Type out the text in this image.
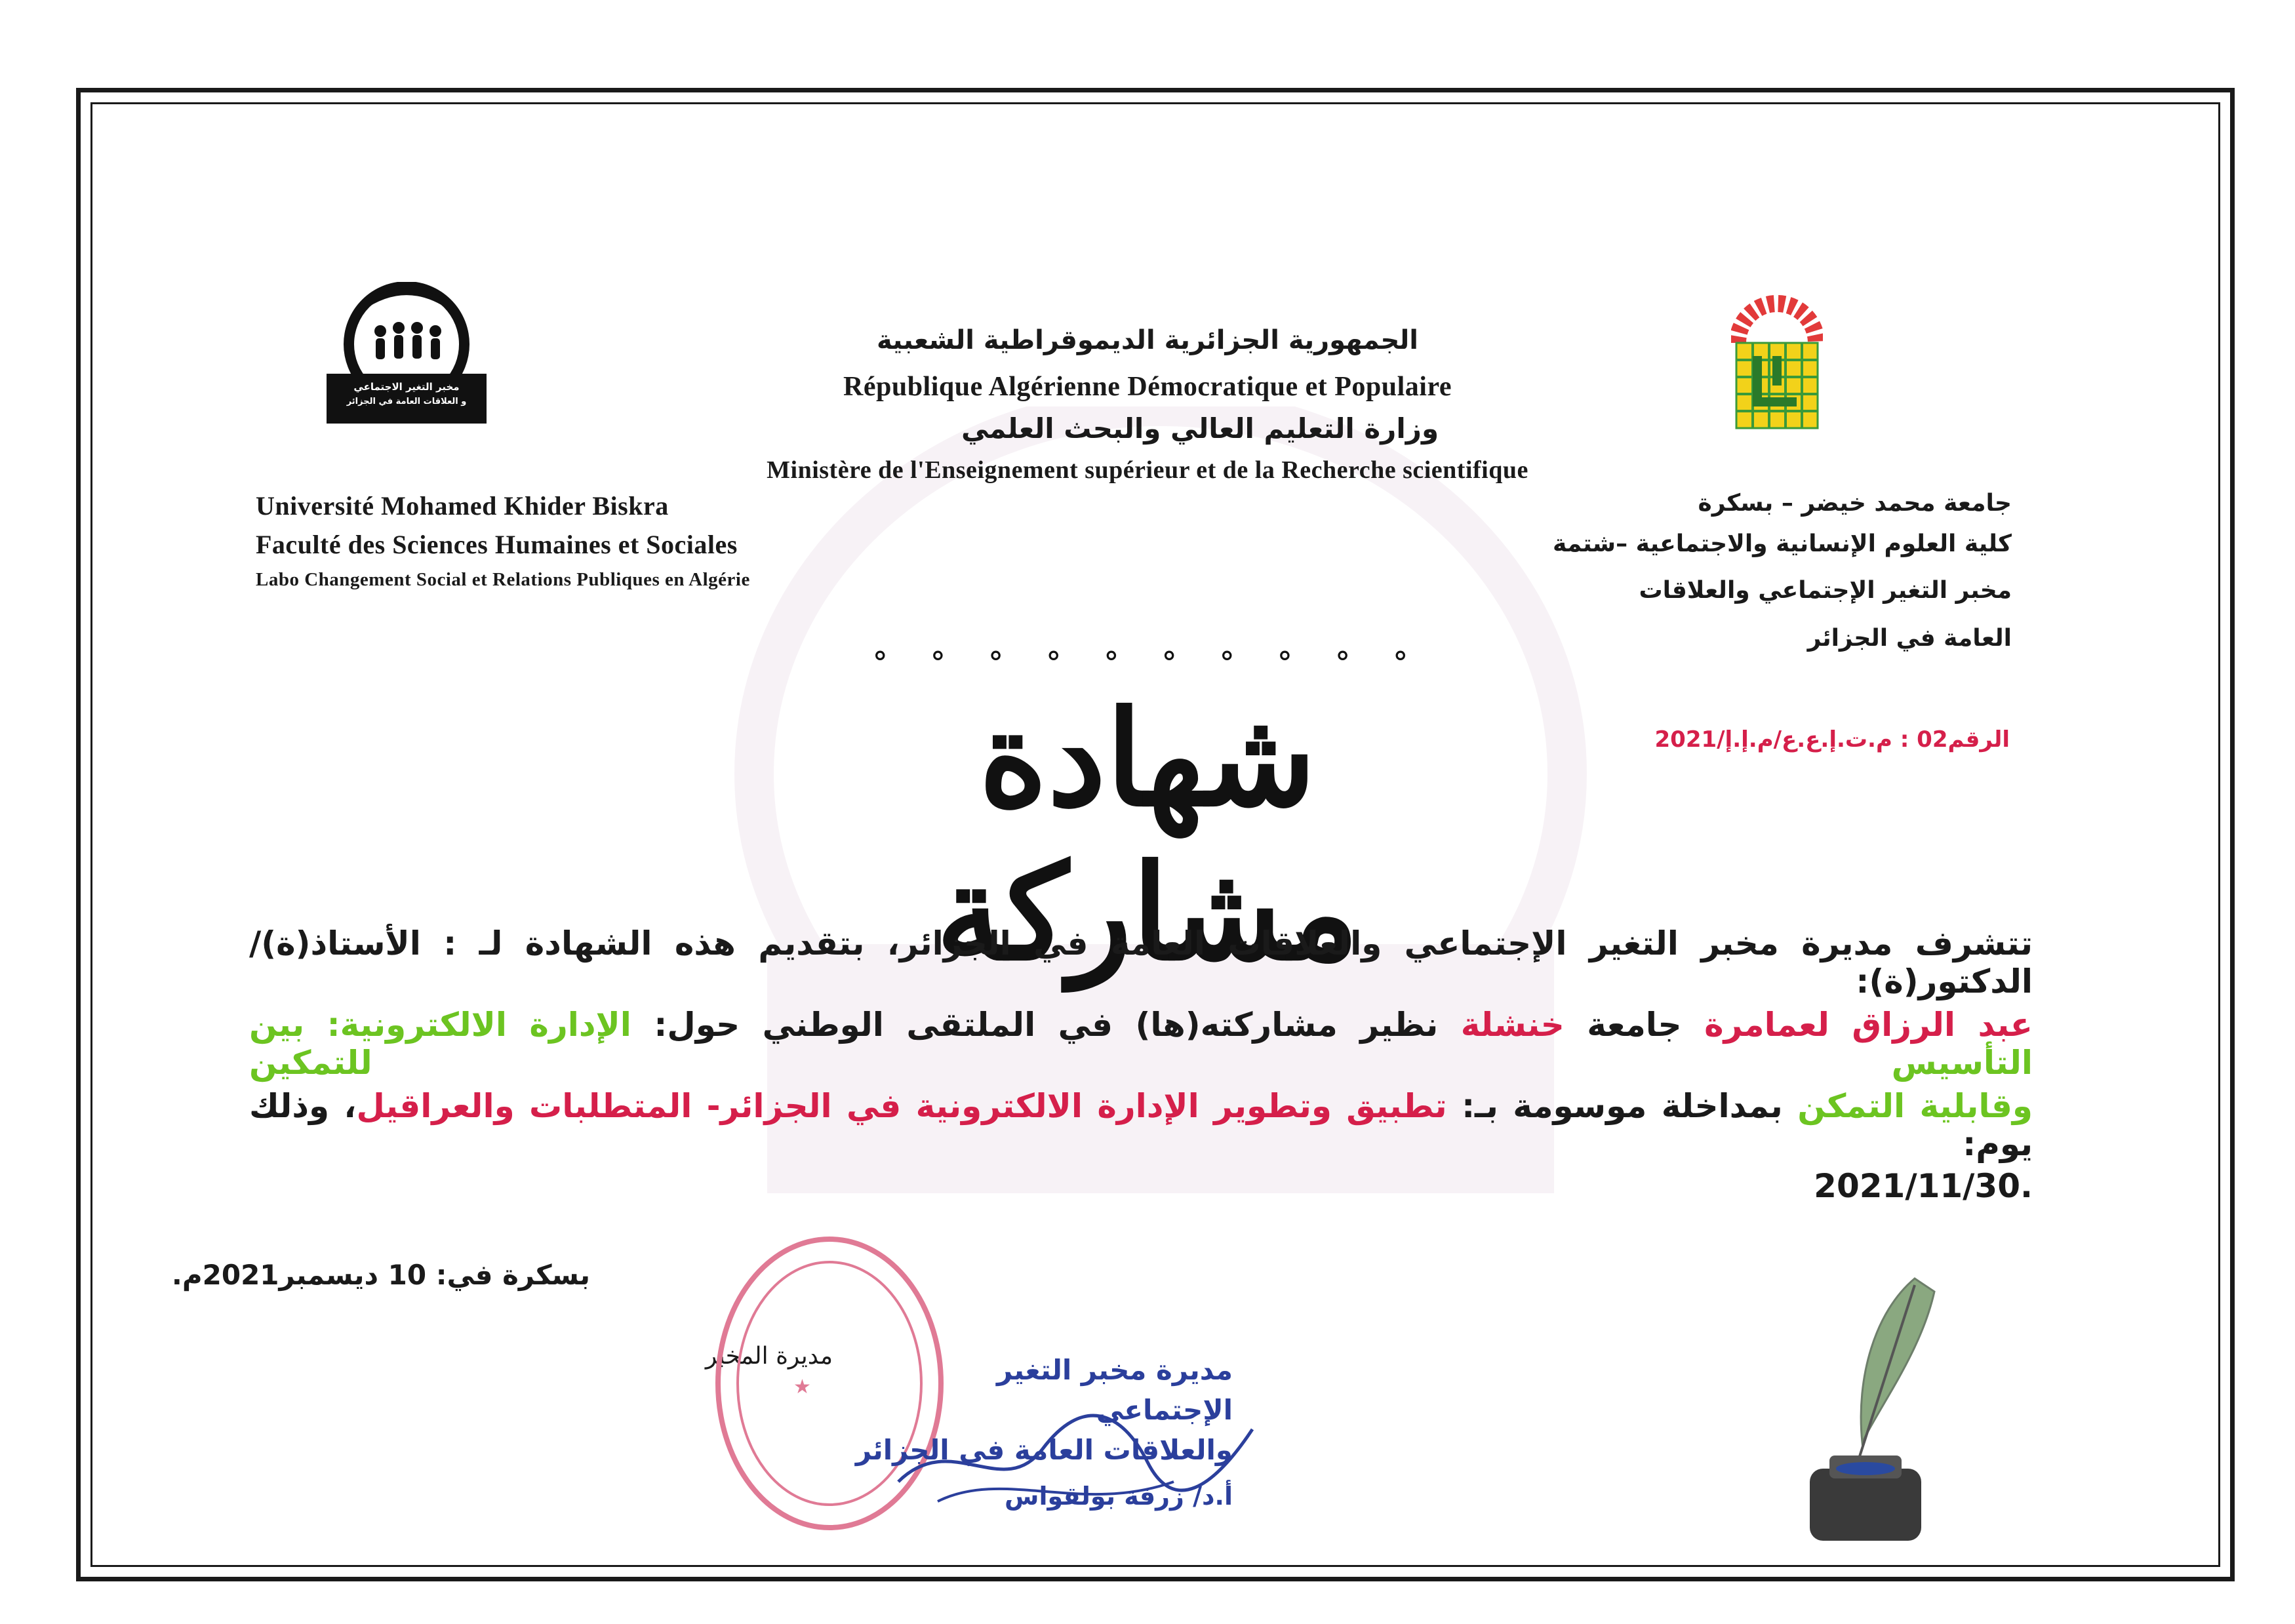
مخبر التغير الاجتماعي
و العلاقات العامة في الجزائر
الجمهورية الجزائرية الديموقراطية الشعبية
République Algérienne Démocratique et Populaire
وزارة التعليم العالي والبحث العلمي
Ministère de l'Enseignement supérieur et de la Recherche scientifique
Université Mohamed Khider Biskra
Faculté des Sciences Humaines et Sociales
Labo Changement Social et Relations Publiques en Algérie
جامعة محمد خيضر – بسكرة
كلية العلوم الإنسانية والاجتماعية –شتمة
مخبر التغير الإجتماعي والعلاقات العامة في الجزائر
الرقم02 : م.ت.إ.ع.ع/م.إ.إ/2021
˚ ˚ ˚ ˚ ˚ ˚ ˚ ˚ ˚ ˚
شهادة مشاركة
تتشرف مديرة مخبر التغير الإجتماعي والعلاقات العامة في الجزائر، بتقديم هذه الشهادة لـ : الأستاذ(ة)/الدكتور(ة):
عبد الرزاق لعمامرة جامعة خنشلة نظير مشاركته(ها) في الملتقى الوطني حول: الإدارة الالكترونية: بين التأسيس للتمكين
وقابلية التمكن بمداخلة موسومة بـ: تطبيق وتطوير الإدارة الالكترونية في الجزائر- المتطلبات والعراقيل، وذلك يوم:
2021/11/30.
بسكرة في: 10 ديسمبر2021م.
مديرة المخبر
★
مديرة مخبر التغير الإجتماعي
والعلاقات العامة في الجزائر
أ.د/ زرفة بولقواس
